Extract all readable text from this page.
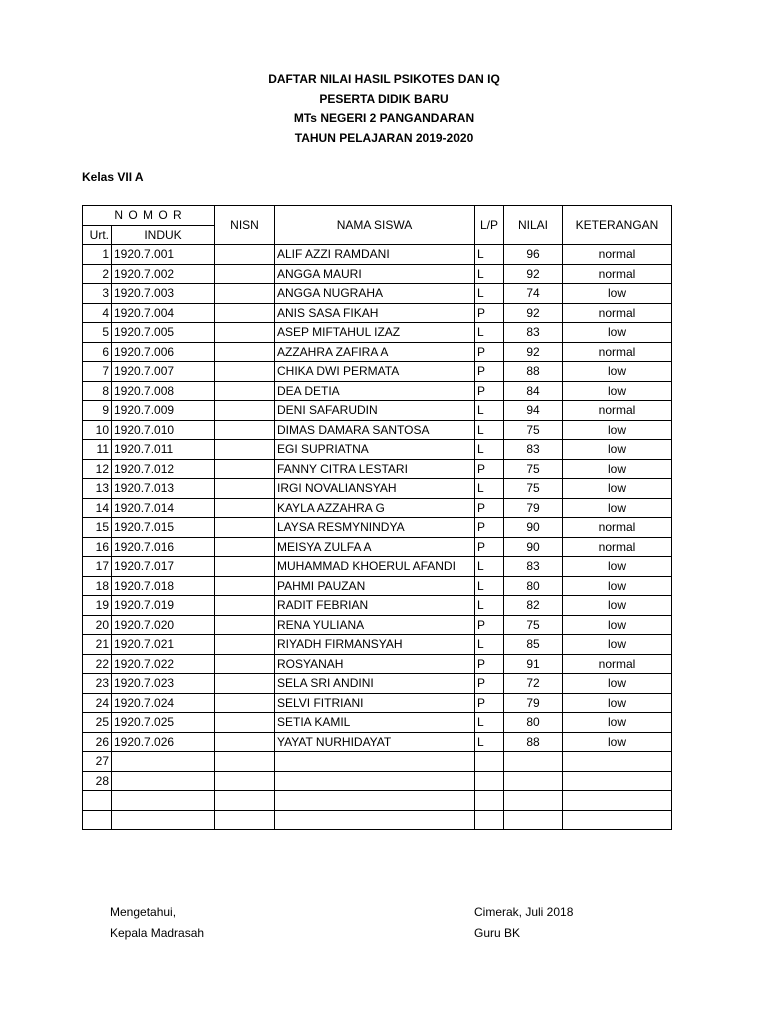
DAFTAR NILAI HASIL PSIKOTES DAN IQ
PESERTA DIDIK BARU
MTs NEGERI 2 PANGANDARAN
TAHUN PELAJARAN 2019-2020
Kelas VII A
N O M O R		NISN	NAMA SISWA	L/P	NILAI	KETERANGAN
Urt.	INDUK					
1	1920.7.001		ALIF AZZI RAMDANI	L	96	normal
2	1920.7.002		ANGGA MAURI	L	92	normal
3	1920.7.003		ANGGA NUGRAHA	L	74	low
4	1920.7.004		ANIS SASA FIKAH	P	92	normal
5	1920.7.005		ASEP MIFTAHUL IZAZ	L	83	low
6	1920.7.006		AZZAHRA ZAFIRA A	P	92	normal
7	1920.7.007		CHIKA DWI PERMATA	P	88	low
8	1920.7.008		DEA DETIA	P	84	low
9	1920.7.009		DENI SAFARUDIN	L	94	normal
10	1920.7.010		DIMAS DAMARA SANTOSA	L	75	low
11	1920.7.011		EGI SUPRIATNA	L	83	low
12	1920.7.012		FANNY CITRA LESTARI	P	75	low
13	1920.7.013		IRGI NOVALIANSYAH	L	75	low
14	1920.7.014		KAYLA AZZAHRA G	P	79	low
15	1920.7.015		LAYSA RESMYNINDYA	P	90	normal
16	1920.7.016		MEISYA ZULFA A	P	90	normal
17	1920.7.017		MUHAMMAD KHOERUL AFANDI	L	83	low
18	1920.7.018		PAHMI PAUZAN	L	80	low
19	1920.7.019		RADIT FEBRIAN	L	82	low
20	1920.7.020		RENA YULIANA	P	75	low
21	1920.7.021		RIYADH FIRMANSYAH	L	85	low
22	1920.7.022		ROSYANAH	P	91	normal
23	1920.7.023		SELA SRI ANDINI	P	72	low
24	1920.7.024		SELVI FITRIANI	P	79	low
25	1920.7.025		SETIA KAMIL	L	80	low
26	1920.7.026		YAYAT NURHIDAYAT	L	88	low
27						
28						

Mengetahui,
Kepala Madrasah
Cimerak, Juli 2018
Guru BK
